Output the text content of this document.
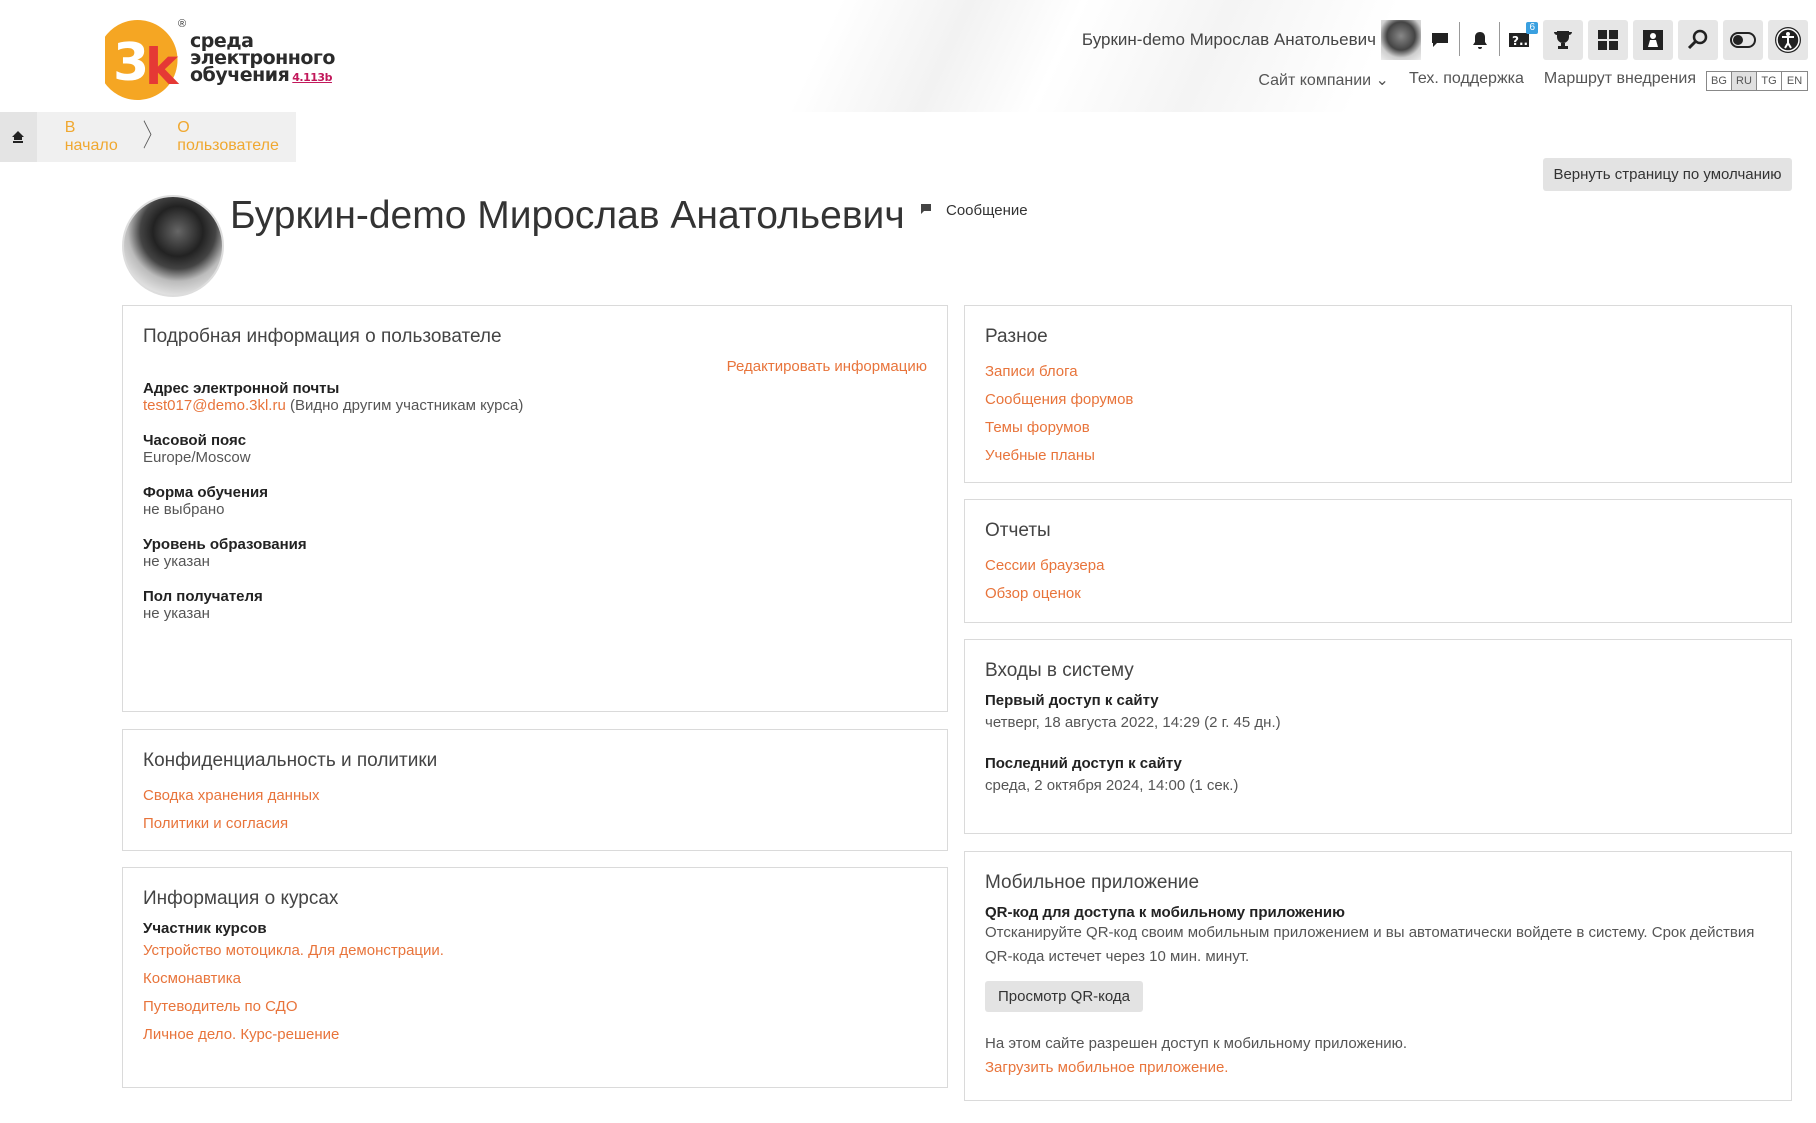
3
k
®
среда
электронного
обучения 4.113b
Буркин-demo Мирослав Анатольевич	?..
6
Сайт компании ⌄ Тех. поддержка Маршрут внедрения	BG RU TG EN
В начало 〉	О пользователе
Вернуть страницу по умолчанию
Буркин-demo Мирослав Анатольевич	Сообщение
Подробная информация о пользователе
Редактировать информацию
Адрес электронной почты
test017@demo.3kl.ru (Видно другим участникам курса)
Часовой пояс
Europe/Moscow
Форма обучения
не выбрано
Уровень образования
не указан
Пол получателя
не указан
Конфиденциальность и политики
Сводка хранения данных
Политики и согласия
Информация о курсах
Участник курсов
Устройство мотоцикла. Для демонстрации.
Космонавтика
Путеводитель по СДО
Личное дело. Курс-решение
Разное
Записи блога
Сообщения форумов
Темы форумов
Учебные планы
Отчеты
Сессии браузера
Обзор оценок
Входы в систему
Первый доступ к сайту
четверг, 18 августа 2022, 14:29 (2 г. 45 дн.)
Последний доступ к сайту
среда, 2 октября 2024, 14:00 (1 сек.)
Мобильное приложение
QR-код для доступа к мобильному приложению
Отсканируйте QR-код своим мобильным приложением и вы автоматически войдете в систему. Срок действия QR-кода истечет через 10 мин. минут.
Просмотр QR-кода
На этом сайте разрешен доступ к мобильному приложению.
Загрузить мобильное приложение.
